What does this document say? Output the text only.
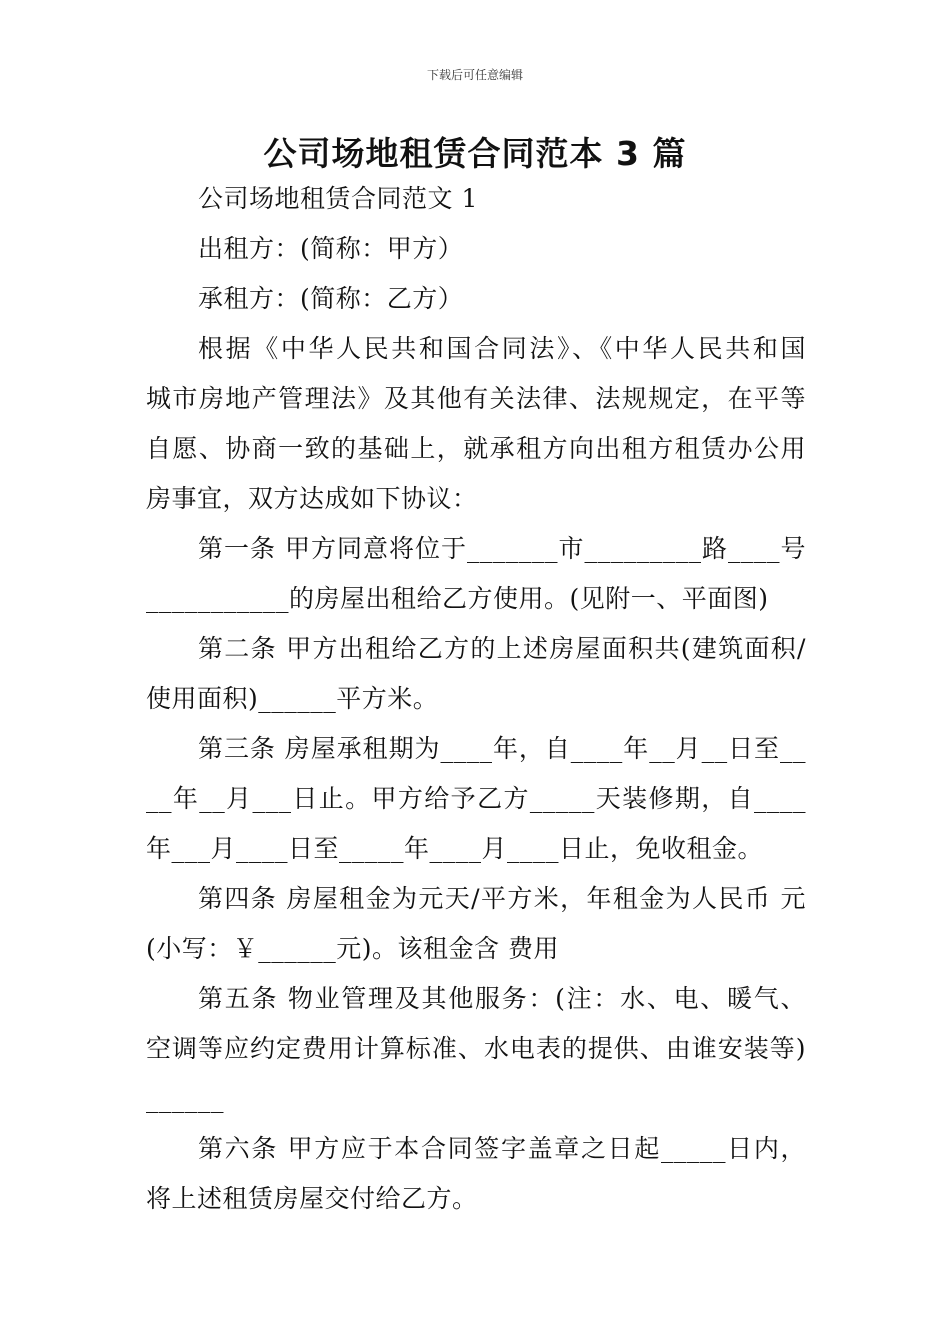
下载后可任意编辑
公司场地租赁合同范本 3 篇
公司场地租赁合同范文 1
出租方：(简称：甲方）
承租方：(简称：乙方）
根据《中华人民共和国合同法》、《中华人民共和国
城市房地产管理法》及其他有关法律、法规规定，在平等
自愿、协商一致的基础上，就承租方向出租方租赁办公用
房事宜，双方达成如下协议：
第一条 甲方同意将位于_______市_________路____号
___________的房屋出租给乙方使用。(见附一、平面图)
第二条 甲方出租给乙方的上述房屋面积共(建筑面积/
使用面积)______平方米。
第三条 房屋承租期为____年，自____年__月__日至__
__年__月___日止。甲方给予乙方_____天装修期，自____
年___月____日至_____年____月____日止，免收租金。
第四条 房屋租金为元天/平方米，年租金为人民币 元
(小写：￥______元)。该租金含 费用
第五条 物业管理及其他服务：(注：水、电、暖气、
空调等应约定费用计算标准、水电表的提供、由谁安装等)
______
第六条 甲方应于本合同签字盖章之日起_____日内，
将上述租赁房屋交付给乙方。
